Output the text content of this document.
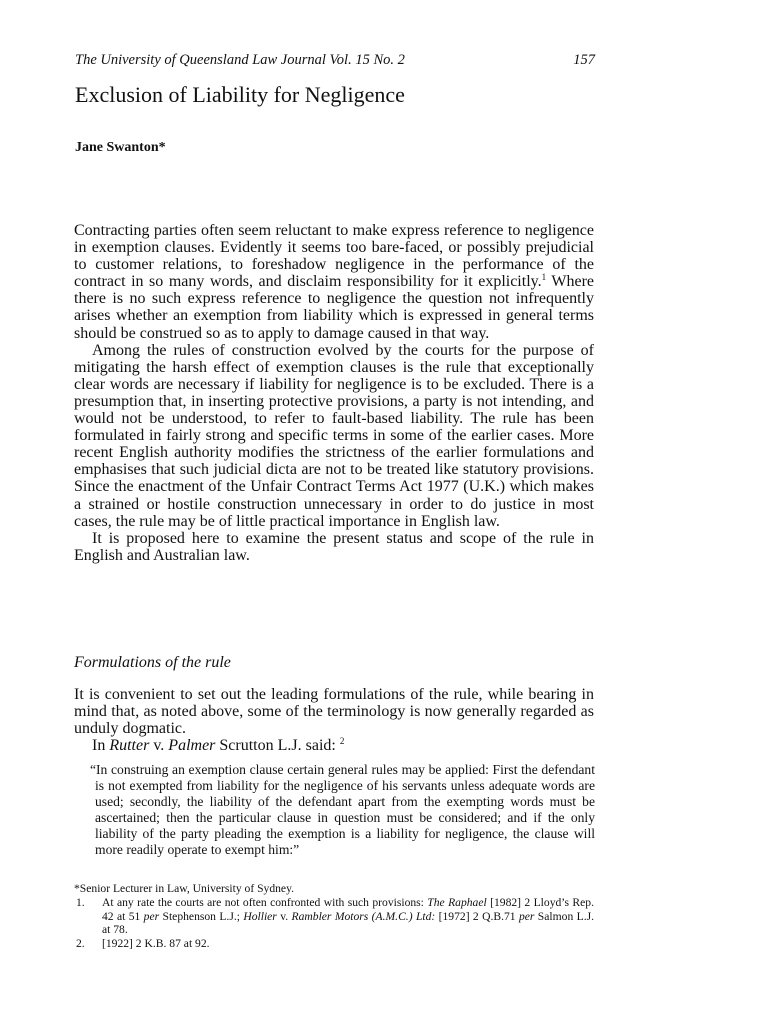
The University of Queensland Law Journal Vol. 15 No. 2	157
Exclusion of Liability for Negligence
Jane Swanton*

Contracting parties often seem reluctant to make express reference to negligence in exemption clauses. Evidently it seems too bare-faced, or possibly prejudicial to customer relations, to foreshadow negligence in the performance of the contract in so many words, and disclaim responsibility for it explicitly.$^1$ Where there is no such express reference to negligence the question not infrequently arises whether an exemption from liability which is expressed in general terms should be construed so as to apply to damage caused in that way.

Among the rules of construction evolved by the courts for the purpose of mitigating the harsh effect of exemption clauses is the rule that exceptionally clear words are necessary if liability for negligence is to be excluded. There is a presumption that, in inserting protective provisions, a party is not intending, and would not be understood, to refer to fault-based liability. The rule has been formulated in fairly strong and specific terms in some of the earlier cases. More recent English authority modifies the strictness of the earlier formulations and emphasises that such judicial dicta are not to be treated like statutory provisions. Since the enactment of the Unfair Contract Terms Act 1977 (U.K.) which makes a strained or hostile construction unnecessary in order to do justice in most cases, the rule may be of little practical importance in English law.

It is proposed here to examine the present status and scope of the rule in English and Australian law.

Formulations of the rule

It is convenient to set out the leading formulations of the rule, while bearing in mind that, as noted above, some of the terminology is now generally regarded as unduly dogmatic.

In Rutter v. Palmer Scrutton L.J. said: $^2$

“In construing an exemption clause certain general rules may be applied: First the defendant is not exempted from liability for the negligence of his servants unless adequate words are used; secondly, the liability of the defendant apart from the exempting words must be ascertained; then the particular clause in question must be considered; and if the only liability of the party pleading the exemption is a liability for negligence, the clause will more readily operate to exempt him:”

*Senior Lecturer in Law, University of Sydney.

1.	At any rate the courts are not often confronted with such provisions: The Raphael [1982] 2 Lloyd’s Rep. 42 at 51 per Stephenson L.J.; Hollier v. Rambler Motors (A.M.C.) Ltd: [1972] 2 Q.B.71 per Salmon L.J. at 78.
2.	[1922] 2 K.B. 87 at 92.
